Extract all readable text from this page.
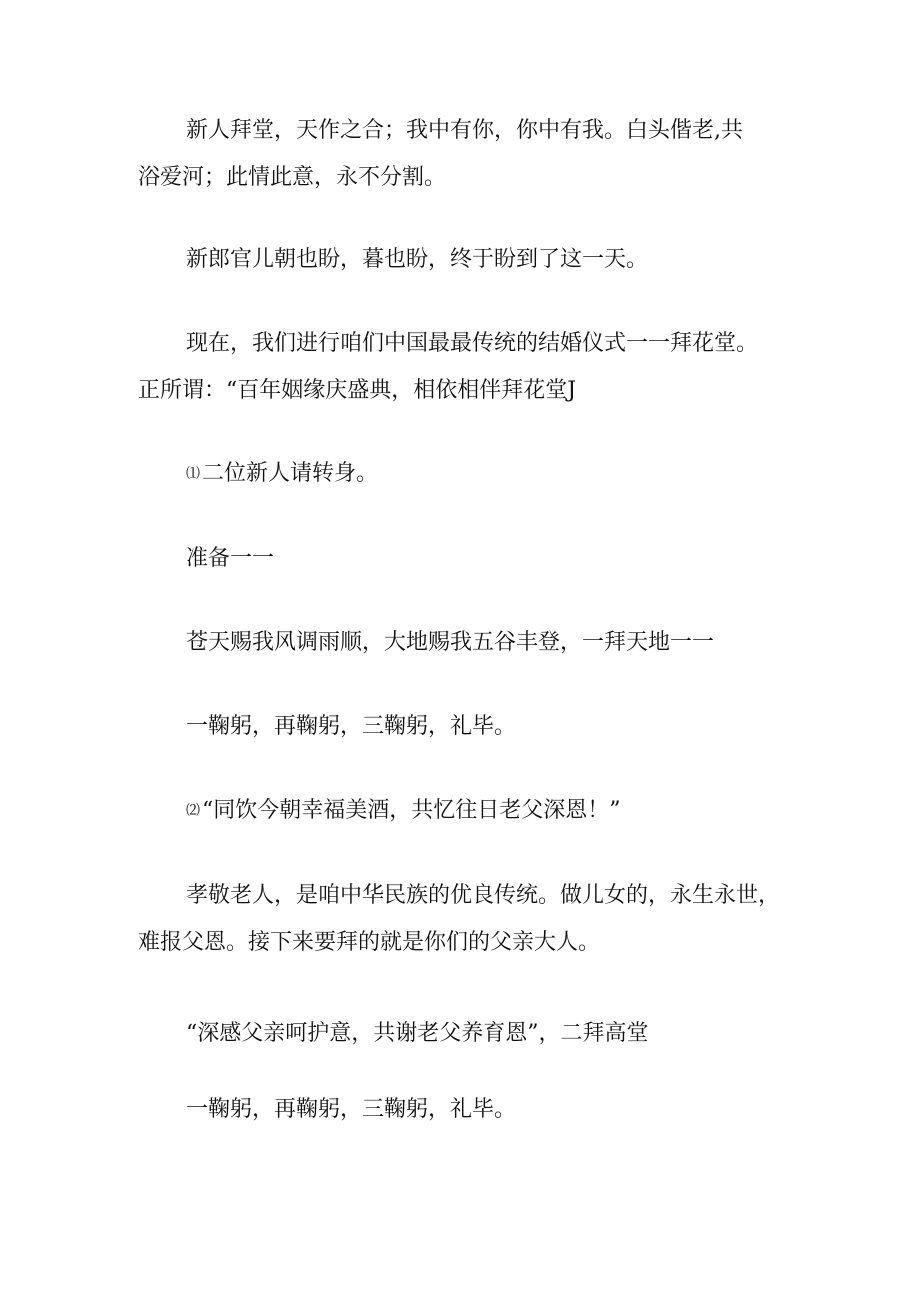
新人拜堂，天作之合；我中有你，你中有我。白头偕老,共
浴爱河；此情此意，永不分割。

新郎官儿朝也盼，暮也盼，终于盼到了这一天。

现在，我们进行咱们中国最最传统的结婚仪式一一拜花堂。
正所谓：“百年姻缘庆盛典，相依相伴拜花堂J

⑴二位新人请转身。

准备一一

苍天赐我风调雨顺，大地赐我五谷丰登，一拜天地一一

一鞠躬，再鞠躬，三鞠躬，礼毕。

⑵“同饮今朝幸福美酒，共忆往日老父深恩！”

孝敬老人，是咱中华民族的优良传统。做儿女的，永生永世，
难报父恩。接下来要拜的就是你们的父亲大人。

“深感父亲呵护意，共谢老父养育恩”，二拜高堂

一鞠躬，再鞠躬，三鞠躬，礼毕。
